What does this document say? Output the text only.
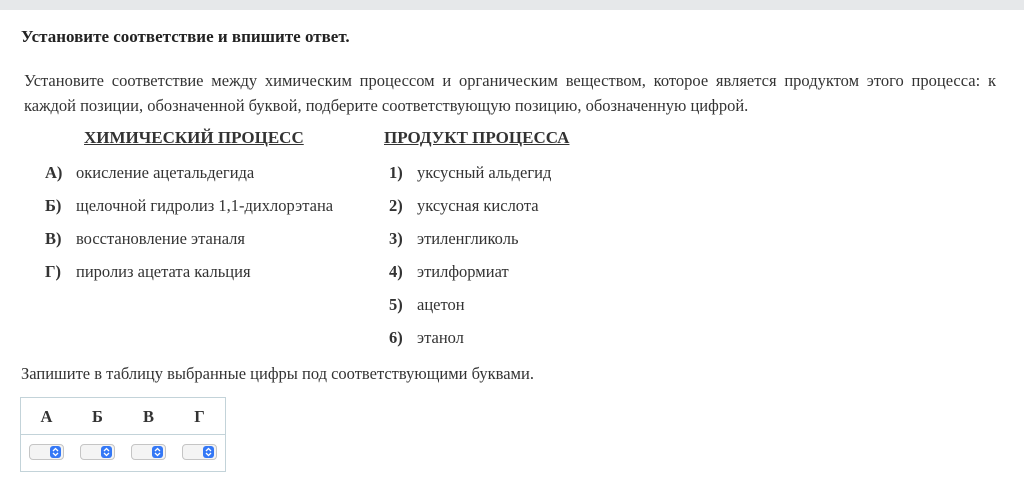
Установите соответствие и впишите ответ.

Установите соответствие между химическим процессом и органическим веществом, которое является продуктом этого процесса: к каждой позиции, обозначенной буквой, подберите соответствующую позицию, обозначенную цифрой.

ХИМИЧЕСКИЙ ПРОЦЕСС	ПРОДУКТ ПРОЦЕССА
А) окисление ацетальдегида
Б) щелочной гидролиз 1,1-дихлорэтана
В) восстановление этаналя
Г) пиролиз ацетата кальция
1) уксусный альдегид
2) уксусная кислота
3) этиленгликоль
4) этилформиат
5) ацетон
6) этанол

Запишите в таблицу выбранные цифры под соответствующими буквами.

А	Б	В	Г
